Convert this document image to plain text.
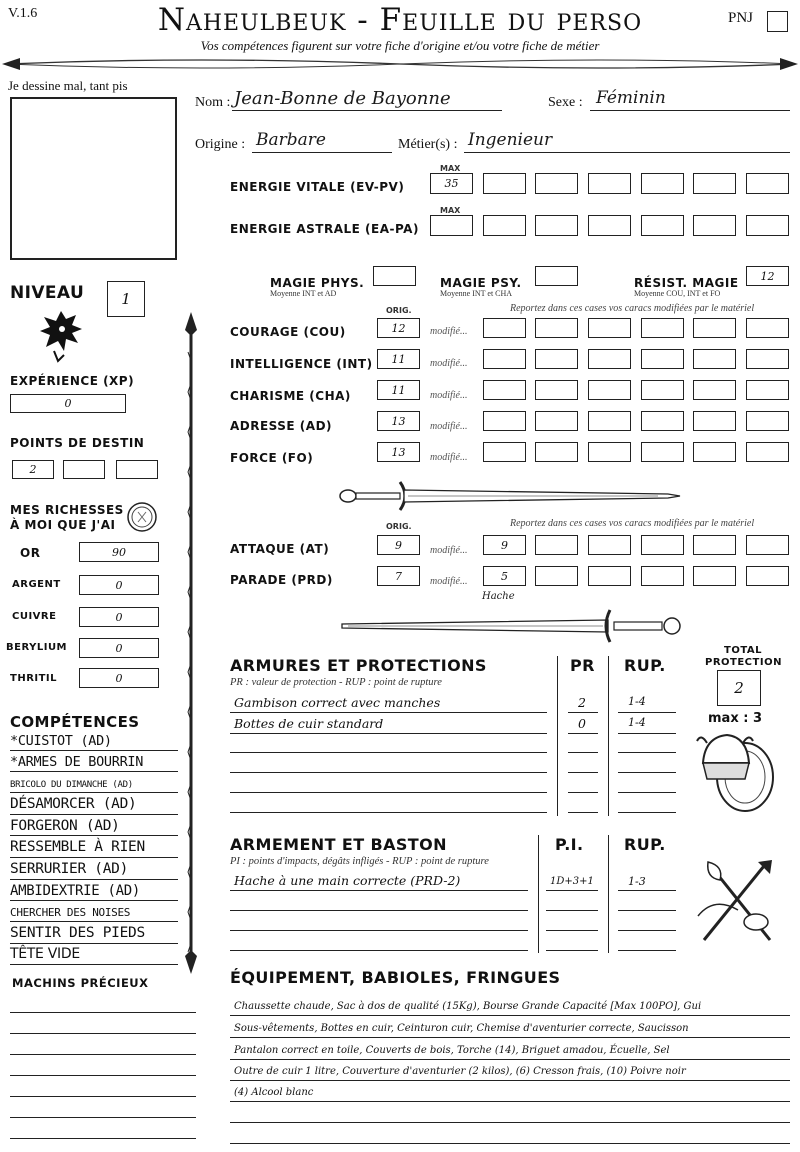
V.1.6	Naheulbeuk - Feuille du perso	PNJ
Vos compétences figurent sur votre fiche d'origine et/ou votre fiche de métier
Je dessine mal, tant pis
Nom : Jean-Bonne de Bayonne	Sexe : Féminin
Origine : Barbare	Métier(s) : Ingenieur
MAX
ENERGIE VITALE (EV-PV)	35
MAX
ENERGIE ASTRALE (EA-PA)
MAGIE PHYS.
Moyenne INT et AD
MAGIE PSY.
Moyenne INT et CHA
RÉSIST. MAGIE
Moyenne COU, INT et FO
12
NIVEAU	1
EXPÉRIENCE (XP)
0
POINTS DE DESTIN
2
MES RICHESSES
À MOI QUE J'AI
OR	90
ARGENT	0
CUIVRE	0
BERYLIUM	0
THRITIL	0
COMPÉTENCES
*CUISTOT (AD)
*ARMES DE BOURRIN
BRICOLO DU DIMANCHE (AD)
DÉSAMORCER (AD)
FORGERON (AD)
RESSEMBLE À RIEN
SERRURIER (AD)
AMBIDEXTRIE (AD)
CHERCHER DES NOISES
SENTIR DES PIEDS
TÊTE VIDE
MACHINS PRÉCIEUX
ORIG.	Reportez dans ces cases vos caracs modifiées par le matériel
COURAGE (COU)	12	modifié...
INTELLIGENCE (INT)	11	modifié...
CHARISME (CHA)	11	modifié...
ADRESSE (AD)	13	modifié...
FORCE (FO)	13	modifié...
ORIG.	Reportez dans ces cases vos caracs modifiées par le matériel
ATTAQUE (AT)	9	modifié...	9
PARADE (PRD)	7	modifié...	5
Hache
ARMURES ET PROTECTIONS
PR : valeur de protection - RUP : point de rupture
PR RUP.
Gambison correct avec manches	2	1-4
Bottes de cuir standard	0	1-4
TOTAL
PROTECTION
2
max : 3
ARMEMENT ET BASTON
PI : points d'impacts, dégâts infligés - RUP : point de rupture
P.I.	RUP.
Hache à une main correcte (PRD-2)	1D+3+1	1-3
ÉQUIPEMENT, BABIOLES, FRINGUES
Chaussette chaude, Sac à dos de qualité (15Kg), Bourse Grande Capacité [Max 100PO], Gui
Sous-vêtements, Bottes en cuir, Ceinturon cuir, Chemise d'aventurier correcte, Saucisson
Pantalon correct en toile, Couverts de bois, Torche (14), Briguet amadou, Écuelle, Sel
Outre de cuir 1 litre, Couverture d'aventurier (2 kilos), (6) Cresson frais, (10) Poivre noir
(4) Alcool blanc
